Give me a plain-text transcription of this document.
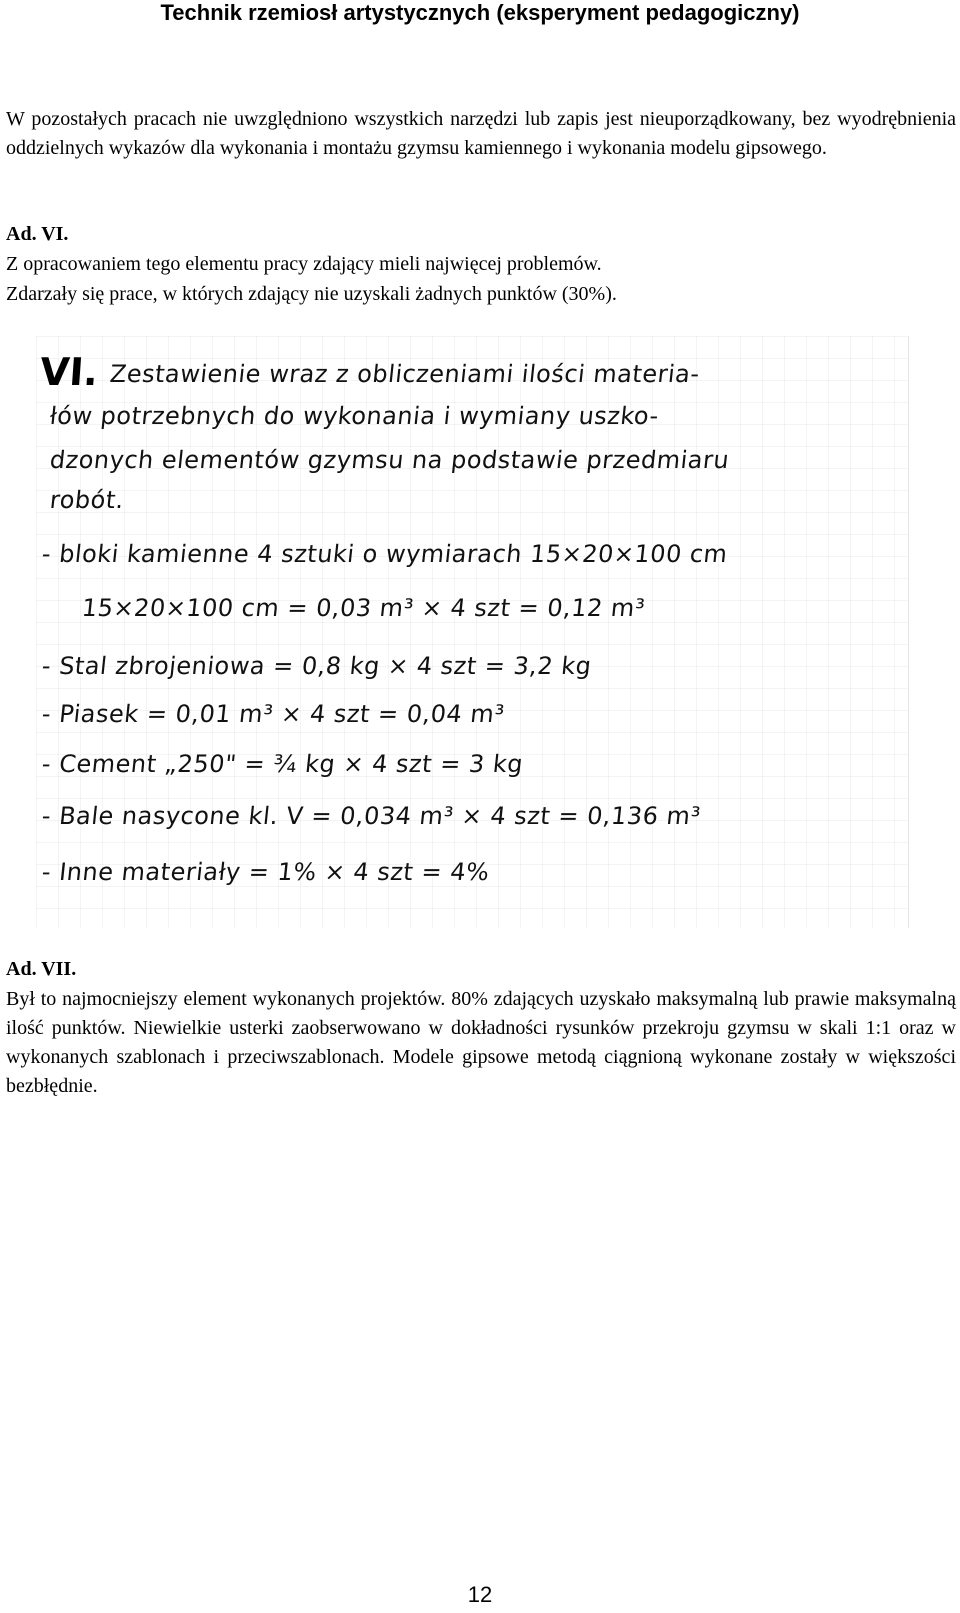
Technik rzemiosł artystycznych (eksperyment pedagogiczny)
W pozostałych pracach nie uwzględniono wszystkich narzędzi lub zapis jest nieuporządkowany, bez wyodrębnienia oddzielnych wykazów dla wykonania i montażu gzymsu kamiennego i wykonania modelu gipsowego.
Ad. VI.
Z opracowaniem tego elementu pracy zdający mieli najwięcej problemów.
Zdarzały się prace, w których zdający nie uzyskali żadnych punktów (30%).
VI. Zestawienie wraz z obliczeniami ilości materia-
łów potrzebnych do wykonania i wymiany uszko-
dzonych elementów gzymsu na podstawie przedmiaru
robót.
- bloki kamienne 4 sztuki o wymiarach 15×20×100 cm
15×20×100 cm = 0,03 m³ × 4 szt = 0,12 m³
- Stal zbrojeniowa = 0,8 kg × 4 szt = 3,2 kg
- Piasek = 0,01 m³ × 4 szt = 0,04 m³
- Cement „250" = ¾ kg × 4 szt = 3 kg
- Bale nasycone kl. V = 0,034 m³ × 4 szt = 0,136 m³
- Inne materiały = 1% × 4 szt = 4%
Ad. VII.
Był to najmocniejszy element wykonanych projektów. 80% zdających uzyskało maksymalną lub prawie maksymalną ilość punktów. Niewielkie usterki zaobserwowano w dokładności rysunków przekroju gzymsu w skali 1:1 oraz w wykonanych szablonach i przeciwszablonach. Modele gipsowe metodą ciągnioną wykonane zostały w większości bezbłędnie.
12
